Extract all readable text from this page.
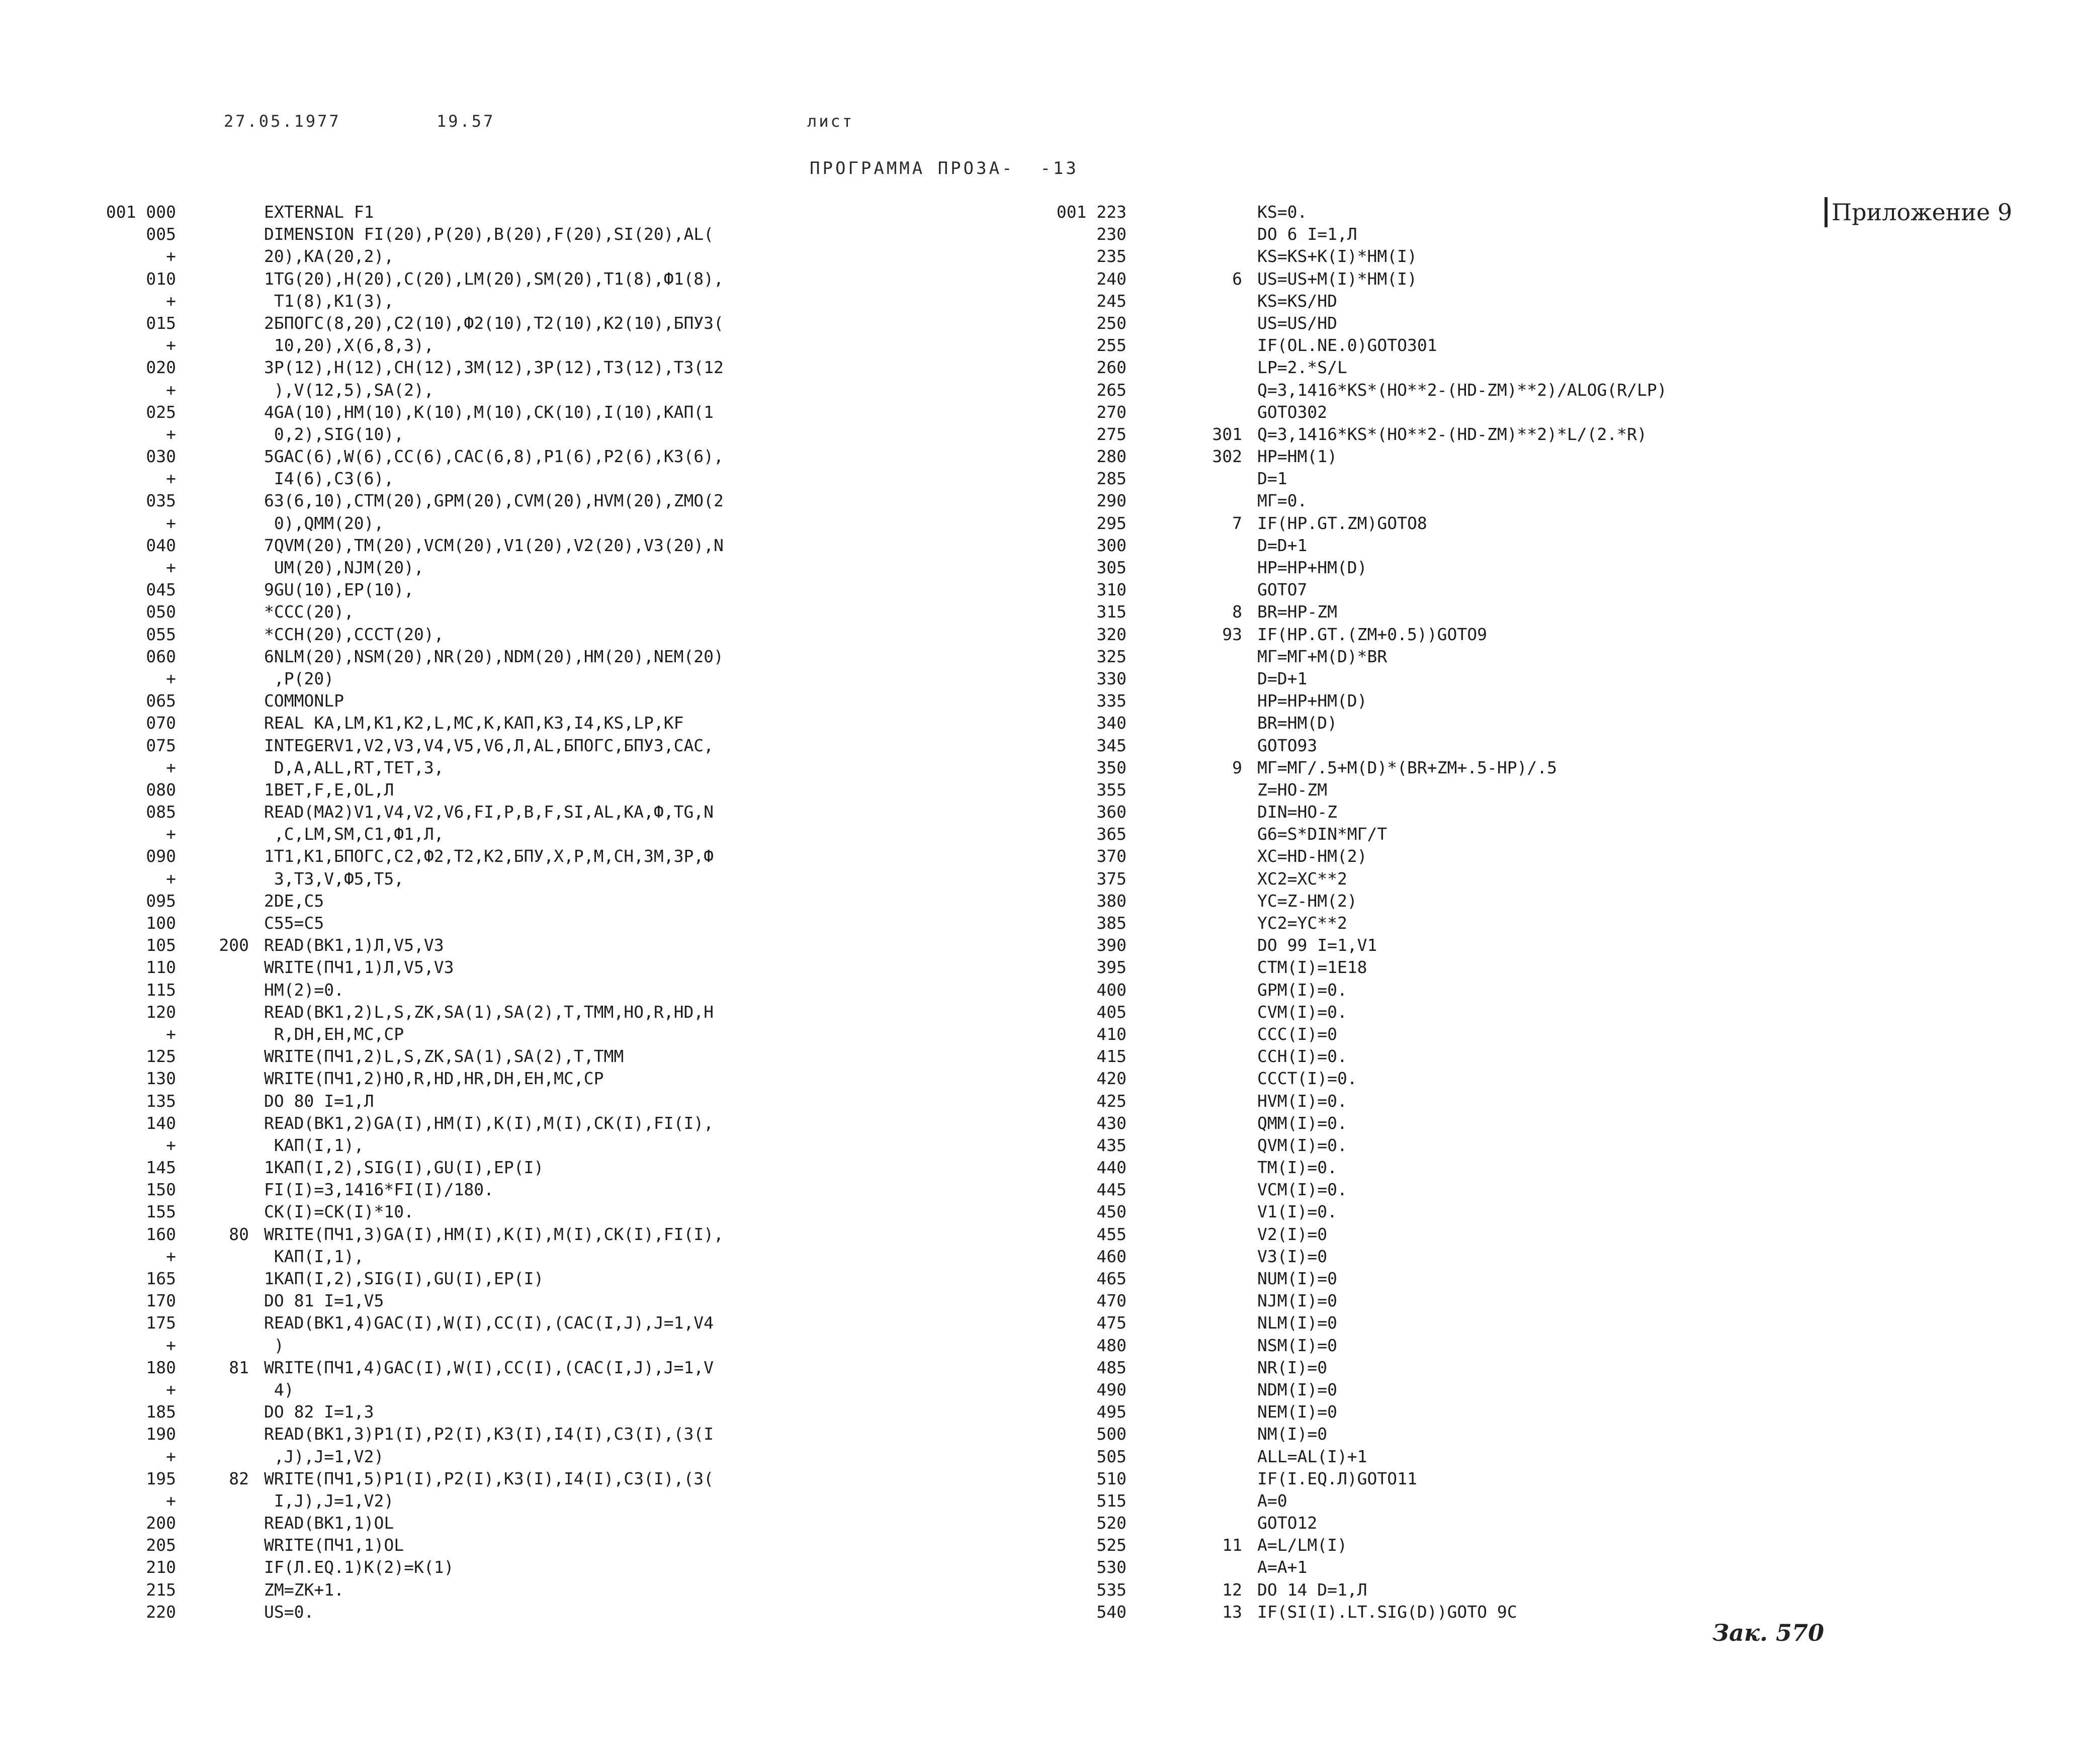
27.05.1977	19.57	лист
ПРОГРАММА ПРОЗА-  -13
Приложение 9
001 000	EXTERNAL F1
005	DIMENSION FI(20),P(20),B(20),F(20),SI(20),AL(
+	20),KA(20,2),
010	1TG(20),H(20),C(20),LM(20),SM(20),T1(8),Ф1(8),
+	T1(8),K1(3),
015	2БПОГС(8,20),C2(10),Ф2(10),T2(10),K2(10),БПУ3(
+	10,20),X(6,8,3),
020	3P(12),H(12),CH(12),3M(12),3P(12),T3(12),T3(12
+	),V(12,5),SA(2),
025	4GA(10),HM(10),K(10),M(10),CK(10),I(10),KAП(1
+	0,2),SIG(10),
030	5GAC(6),W(6),CC(6),CAC(6,8),P1(6),P2(6),K3(6),
+	I4(6),C3(6),
035	63(6,10),CTM(20),GPM(20),CVM(20),HVM(20),ZMO(2
+	0),QMM(20),
040	7QVM(20),TM(20),VCM(20),V1(20),V2(20),V3(20),N
+	UM(20),NJM(20),
045	9GU(10),EP(10),
050	*CCC(20),
055	*CCH(20),CCCT(20),
060	6NLM(20),NSM(20),NR(20),NDM(20),HM(20),NEM(20)
+	,P(20)
065	COMMONLP
070	REAL KA,LM,K1,K2,L,MC,K,KAП,K3,I4,KS,LP,KF
075	INTEGERV1,V2,V3,V4,V5,V6,Л,AL,БПОГС,БПУ3,CAC,
+	D,A,ALL,RT,TET,3,
080	1BET,F,E,OL,Л
085	READ(MA2)V1,V4,V2,V6,FI,P,B,F,SI,AL,KA,Ф,TG,N
+	,C,LM,SM,C1,Ф1,Л,
090	1T1,K1,БПОГС,C2,Ф2,T2,K2,БПУ,X,P,M,CH,3M,3P,Ф
+	3,T3,V,Ф5,T5,
095	2DE,C5
100	C55=C5
105	200 READ(BK1,1)Л,V5,V3
110	WRITE(ПЧ1,1)Л,V5,V3
115	HM(2)=0.
120	READ(BK1,2)L,S,ZK,SA(1),SA(2),T,TMM,HO,R,HD,H
+	R,DH,EH,MC,CP
125	WRITE(ПЧ1,2)L,S,ZK,SA(1),SA(2),T,TMM
130	WRITE(ПЧ1,2)HO,R,HD,HR,DH,EH,MC,CP
135	DO 80 I=1,Л
140	READ(BK1,2)GA(I),HM(I),K(I),M(I),CK(I),FI(I),
+	KAП(I,1),
145	1KAП(I,2),SIG(I),GU(I),EP(I)
150	FI(I)=3,1416*FI(I)/180.
155	CK(I)=CK(I)*10.
160	80 WRITE(ПЧ1,3)GA(I),HM(I),K(I),M(I),CK(I),FI(I),
+	KAП(I,1),
165	1KAП(I,2),SIG(I),GU(I),EP(I)
170	DO 81 I=1,V5
175	READ(BK1,4)GAC(I),W(I),CC(I),(CAC(I,J),J=1,V4
+	)
180	81 WRITE(ПЧ1,4)GAC(I),W(I),CC(I),(CAC(I,J),J=1,V
+	4)
185	DO 82 I=1,3
190	READ(BK1,3)P1(I),P2(I),K3(I),I4(I),C3(I),(3(I
+	,J),J=1,V2)
195	82 WRITE(ПЧ1,5)P1(I),P2(I),K3(I),I4(I),C3(I),(3(
+	I,J),J=1,V2)
200	READ(BK1,1)OL
205	WRITE(ПЧ1,1)OL
210	IF(Л.EQ.1)K(2)=K(1)
215	ZM=ZK+1.
220	US=0.
001 223	KS=0.
230	DO 6 I=1,Л
235	KS=KS+K(I)*HM(I)
240	6 US=US+M(I)*HM(I)
245	KS=KS/HD
250	US=US/HD
255	IF(OL.NE.0)GOTO301
260	LP=2.*S/L
265	Q=3,1416*KS*(HO**2-(HD-ZM)**2)/ALOG(R/LP)
270	GOTO302
275	301 Q=3,1416*KS*(HO**2-(HD-ZM)**2)*L/(2.*R)
280	302 HP=HM(1)
285	D=1
290	MГ=0.
295	7 IF(HP.GT.ZM)GOTO8
300	D=D+1
305	HP=HP+HM(D)
310	GOTO7
315	8 BR=HP-ZM
320	93 IF(HP.GT.(ZM+0.5))GOTO9
325	MГ=MГ+M(D)*BR
330	D=D+1
335	HP=HP+HM(D)
340	BR=HM(D)
345	GOTO93
350	9 MГ=MГ/.5+M(D)*(BR+ZM+.5-HP)/.5
355	Z=HO-ZM
360	DIN=HO-Z
365	G6=S*DIN*MГ/T
370	XC=HD-HM(2)
375	XC2=XC**2
380	YC=Z-HM(2)
385	YC2=YC**2
390	DO 99 I=1,V1
395	CTM(I)=1E18
400	GPM(I)=0.
405	CVM(I)=0.
410	CCC(I)=0
415	CCH(I)=0.
420	CCCT(I)=0.
425	HVM(I)=0.
430	QMM(I)=0.
435	QVM(I)=0.
440	TM(I)=0.
445	VCM(I)=0.
450	V1(I)=0.
455	V2(I)=0
460	V3(I)=0
465	NUM(I)=0
470	NJM(I)=0
475	NLM(I)=0
480	NSM(I)=0
485	NR(I)=0
490	NDM(I)=0
495	NEM(I)=0
500	NM(I)=0
505	ALL=AL(I)+1
510	IF(I.EQ.Л)GOTO11
515	A=0
520	GOTO12
525	11 A=L/LM(I)
530	A=A+1
535	12 DO 14 D=1,Л
540	13 IF(SI(I).LT.SIG(D))GOTO 9C
Зак. 570
